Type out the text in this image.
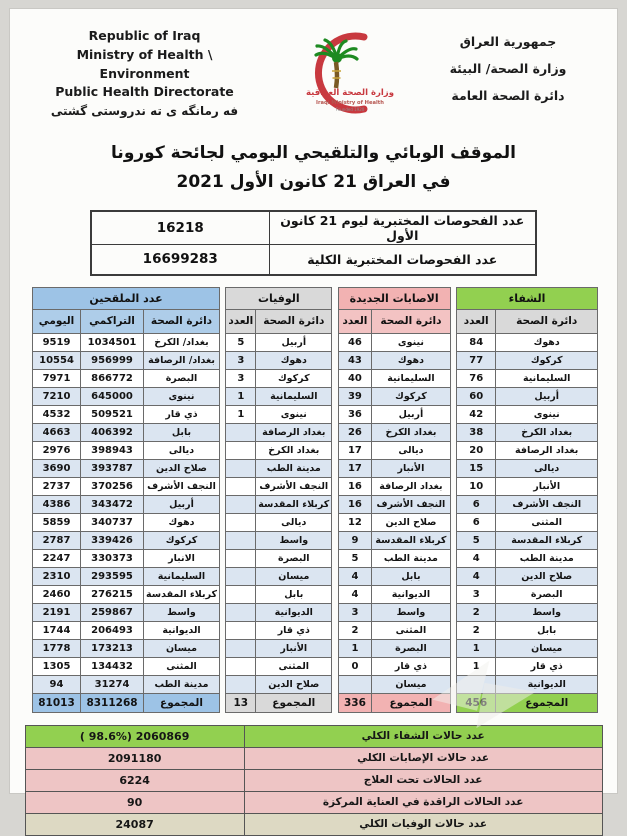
Republic of Iraq
Ministry of Health \ Environment
Public Health Directorate
فه رمانگه ى ته ندروستى گشتى
وزارة الصحة العراقية
Iraqi Ministry of Health
Founded 1920
جمهورية العراق
وزارة الصحة/ البيئة
دائرة الصحة العامة
الموقف الوبائي والتلقيحي اليومي لجائحة كورونا
في العراق 21 كانون الأول 2021
16218	عدد الفحوصات المختبرية ليوم 21 كانون الأول
16699283	عدد الفحوصات المختبرية الكلية
عدد الملقحين		
دائرة الصحة	التراكمي	اليومي
بغداد/ الكرخ	1034501	9519
بغداد/ الرصافة	956999	10554
البصرة	866772	7971
نينوى	645000	7210
ذي قار	509521	4532
بابل	406392	4663
ديالى	398943	2976
صلاح الدين	393787	3690
النجف الأشرف	370256	2737
أربيل	343472	4386
دهوك	340737	5859
كركوك	339426	2787
الانبار	330373	2247
السليمانية	293595	2310
كربلاء المقدسة	276215	2460
واسط	259867	2191
الديوانية	206493	1744
ميسان	173213	1778
المثنى	134432	1305
مدينة الطب	31274	94
المجموع	8311268	81013
الوفيات	
دائرة الصحة	العدد
أربيل	5
دهوك	3
كركوك	3
السليمانية	1
نينوى	1
بغداد الرصافة	
بغداد الكرخ	
مدينة الطب	
النجف الأشرف	
كربلاء المقدسة	
ديالى	
واسط	
البصرة	
ميسان	
بابل	
الديوانية	
ذي قار	
الأنبار	
المثنى	
صلاح الدين	
المجموع	13
الاصابات الجديدة	
دائرة الصحة	العدد
نينوى	46
دهوك	43
السليمانية	40
كركوك	39
أربيل	36
بغداد الكرخ	26
ديالى	17
الأنبار	17
بغداد الرصافة	16
النجف الأشرف	16
صلاح الدين	12
كربلاء المقدسة	9
مدينة الطب	5
بابل	4
الديوانية	4
واسط	3
المثنى	2
البصرة	1
ذي قار	0
ميسان	
المجموع	336
الشفاء	
دائرة الصحة	العدد
دهوك	84
كركوك	77
السليمانية	76
أربيل	60
نينوى	42
بغداد الكرخ	38
بغداد الرصافة	20
ديالى	15
الأنبار	10
النجف الأشرف	6
المثنى	6
كربلاء المقدسة	5
مدينة الطب	4
صلاح الدين	4
البصرة	3
واسط	2
بابل	2
ميسان	1
ذي قار	1
الديوانية	
المجموع	456
( 98.6%) 2060869	عدد حالات الشفاء الكلي
2091180	عدد حالات الإصابات الكلي
6224	عدد الحالات تحت العلاج
90	عدد الحالات الراقدة في العناية المركزة
24087	عدد حالات الوفيات الكلي
